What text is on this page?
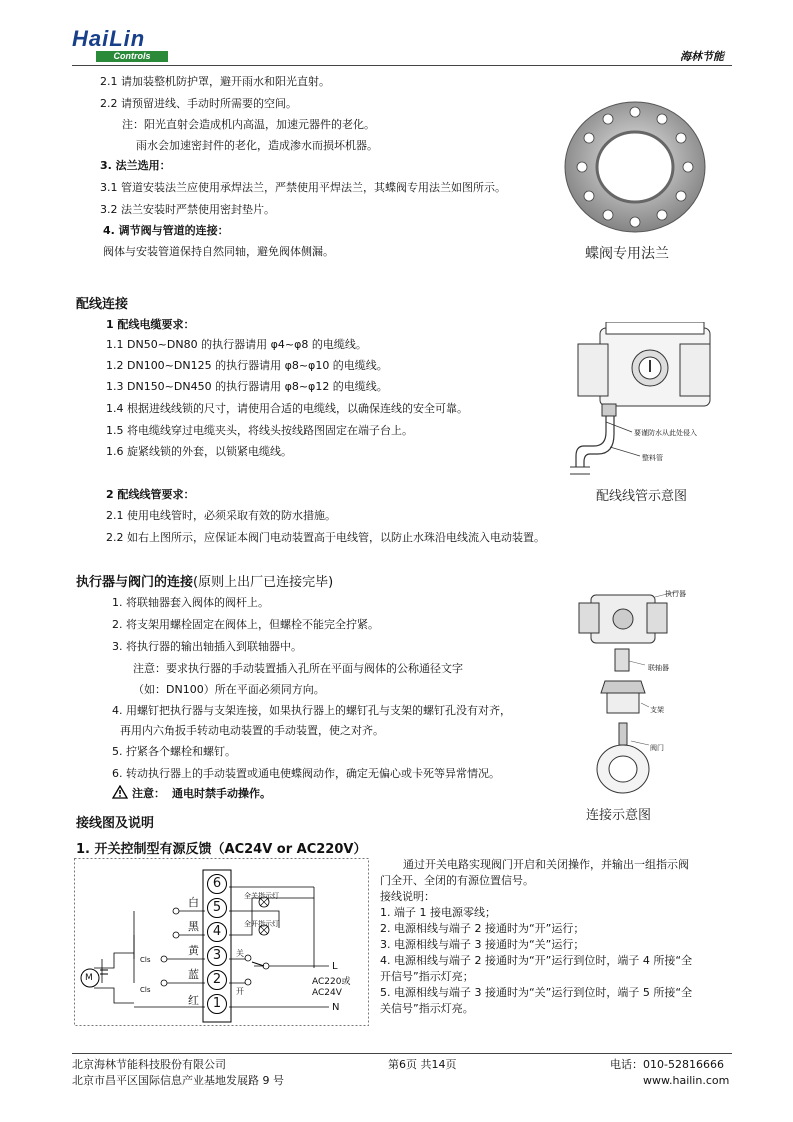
HaiLin
Controls	海林节能
2.1 请加装整机防护罩，避开雨水和阳光直射。
2.2 请预留进线、手动时所需要的空间。
注：阳光直射会造成机内高温，加速元器件的老化。
雨水会加速密封件的老化，造成渗水而损坏机器。
3. 法兰选用：
3.1 管道安装法兰应使用承焊法兰，严禁使用平焊法兰，其蝶阀专用法兰如图所示。
3.2 法兰安装时严禁使用密封垫片。
4. 调节阀与管道的连接：
阀体与安装管道保持自然同轴，避免阀体侧漏。	蝶阀专用法兰
配线连接
1 配线电缆要求：
1.1 DN50~DN80 的执行器请用 φ4~φ8 的电缆线。
1.2 DN100~DN125 的执行器请用 φ8~φ10 的电缆线。
1.3 DN150~DN450 的执行器请用 φ8~φ12 的电缆线。
1.4 根据进线线锁的尺寸，请使用合适的电缆线，以确保连线的安全可靠。
1.5 将电缆线穿过电缆夹头，将线头按线路图固定在端子台上。
1.6 旋紧线锁的外套，以锁紧电缆线。
2 配线线管要求：
2.1 使用电线管时，必须采取有效的防水措施。
2.2 如右上图所示，应保证本阀门电动装置高于电线管，以防止水珠沿电线流入电动装置。
要谨防水从此处侵入
整料管
配线线管示意图
执行器与阀门的连接(原则上出厂已连接完毕)
1. 将联轴器套入阀体的阀杆上。
2. 将支架用螺栓固定在阀体上，但螺栓不能完全拧紧。
3. 将执行器的输出轴插入到联轴器中。
注意：要求执行器的手动装置插入孔所在平面与阀体的公称通径文字
（如：DN100）所在平面必须同方向。
4. 用螺钉把执行器与支架连接，如果执行器上的螺钉孔与支架的螺钉孔没有对齐，
再用内六角扳手转动电动装置的手动装置，使之对齐。
5. 拧紧各个螺栓和螺钉。
6. 转动执行器上的手动装置或通电使蝶阀动作，确定无偏心或卡死等异常情况。
注意： 通电时禁手动操作。
执行器
联轴器
支架
阀门
连接示意图
接线图及说明
1. 开关控制型有源反馈（AC24V or AC220V）
6
5
4
3
2
1
白
黑
黄
蓝
红
全关指示灯
全开指示灯
关
开
L
N
AC220或
AC24V
Cls
Cls
M
通过开关电路实现阀门开启和关闭操作，并输出一组指示阀
门全开、全闭的有源位置信号。
接线说明：
1. 端子 1 接电源零线；
2. 电源相线与端子 2 接通时为“开”运行；
3. 电源相线与端子 3 接通时为“关”运行；
4. 电源相线与端子 2 接通时为“开”运行到位时，端子 4 所接“全
开信号”指示灯亮；
5. 电源相线与端子 3 接通时为“关”运行到位时，端子 5 所接“全
关信号”指示灯亮。
北京海林节能科技股份有限公司
北京市昌平区国际信息产业基地发展路 9 号
第6页 共14页	电话：010-52816666
www.hailin.com
